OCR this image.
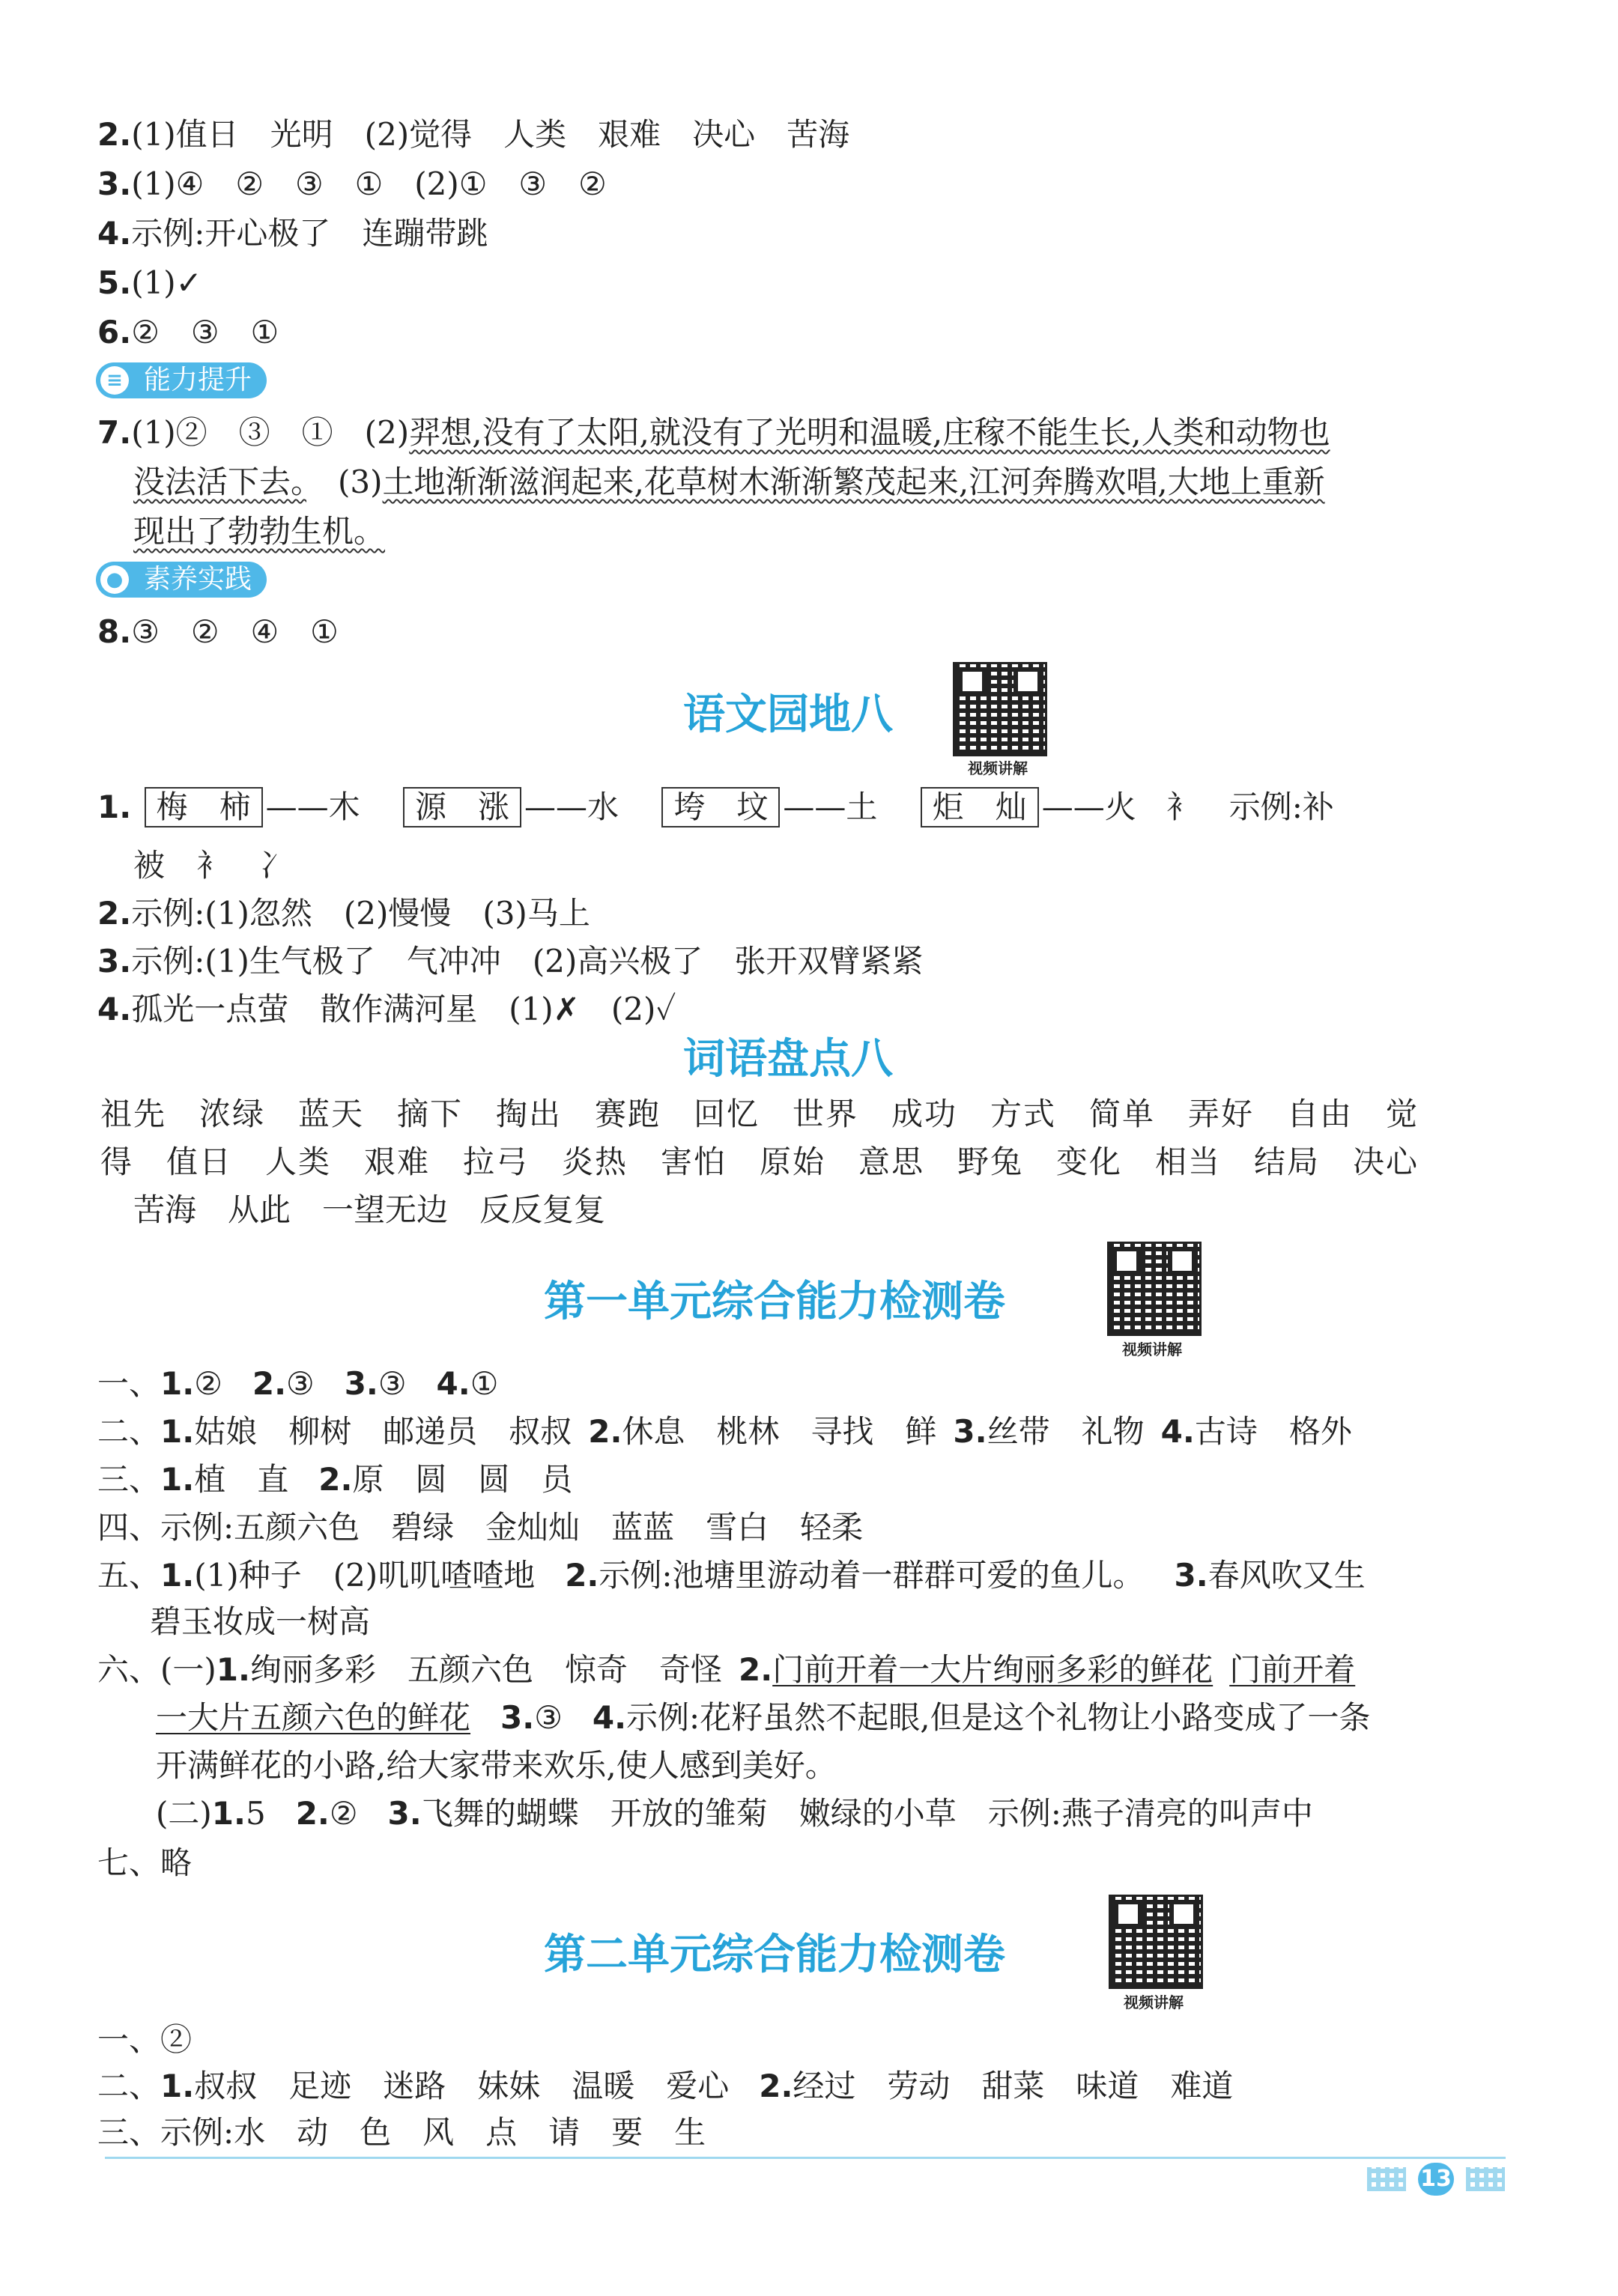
2.(1)值日　光明　(2)觉得　人类　艰难　决心　苦海
3.(1)④　②　③　①　(2)①　③　②
4.示例:开心极了　连蹦带跳
5.(1)✓
6.②　③　①
≡ 能力提升
7.(1)②　③　①　(2)羿想,没有了太阳,就没有了光明和温暖,庄稼不能生长,人类和动物也
没法活下去。　(3)土地渐渐滋润起来,花草树木渐渐繁茂起来,江河奔腾欢唱,大地上重新
现出了勃勃生机。
● 素养实践
8.③　②　④　①
语文园地八
视频讲解
1. 梅　柿 ——木 源　涨 ——水 垮　坟 ——土 炬　灿 ——火 衤　示例:补
被　衤　冫
2.示例:(1)忽然　(2)慢慢　(3)马上
3.示例:(1)生气极了　气冲冲　(2)高兴极了　张开双臂紧紧
4.孤光一点萤　散作满河星　(1)✗　(2)✓
词语盘点八
祖先　浓绿　蓝天　摘下　掏出　赛跑　回忆　世界　成功　方式　简单　弄好　自由　觉
得　值日　人类　艰难　拉弓　炎热　害怕　原始　意思　野兔　变化　相当　结局　决心
苦海　从此　一望无边　反反复复
第一单元综合能力检测卷
视频讲解
一、1.② 2.③ 3.③ 4.①
二、1.姑娘　柳树　邮递员　叔叔 2.休息　桃林　寻找　鲜 3.丝带　礼物 4.古诗　格外
三、1.植　直 2.原　圆　圆　员
四、示例:五颜六色　碧绿　金灿灿　蓝蓝　雪白　轻柔
五、1.(1)种子　(2)叽叽喳喳地 2.示例:池塘里游动着一群群可爱的鱼儿。 3.春风吹又生
碧玉妆成一树高
六、(一)1.绚丽多彩　五颜六色　惊奇　奇怪 2.门前开着一大片绚丽多彩的鲜花 门前开着
一大片五颜六色的鲜花 3.③ 4.示例:花籽虽然不起眼,但是这个礼物让小路变成了一条
开满鲜花的小路,给大家带来欢乐,使人感到美好。
(二)1.5 2.② 3.飞舞的蝴蝶　开放的雏菊　嫩绿的小草　示例:燕子清亮的叫声中
七、略
第二单元综合能力检测卷
视频讲解
一、②
二、1.叔叔　足迹　迷路　妹妹　温暖　爱心 2.经过　劳动　甜菜　味道　难道
三、示例:水　动　色　风　点　请　要　生
13
